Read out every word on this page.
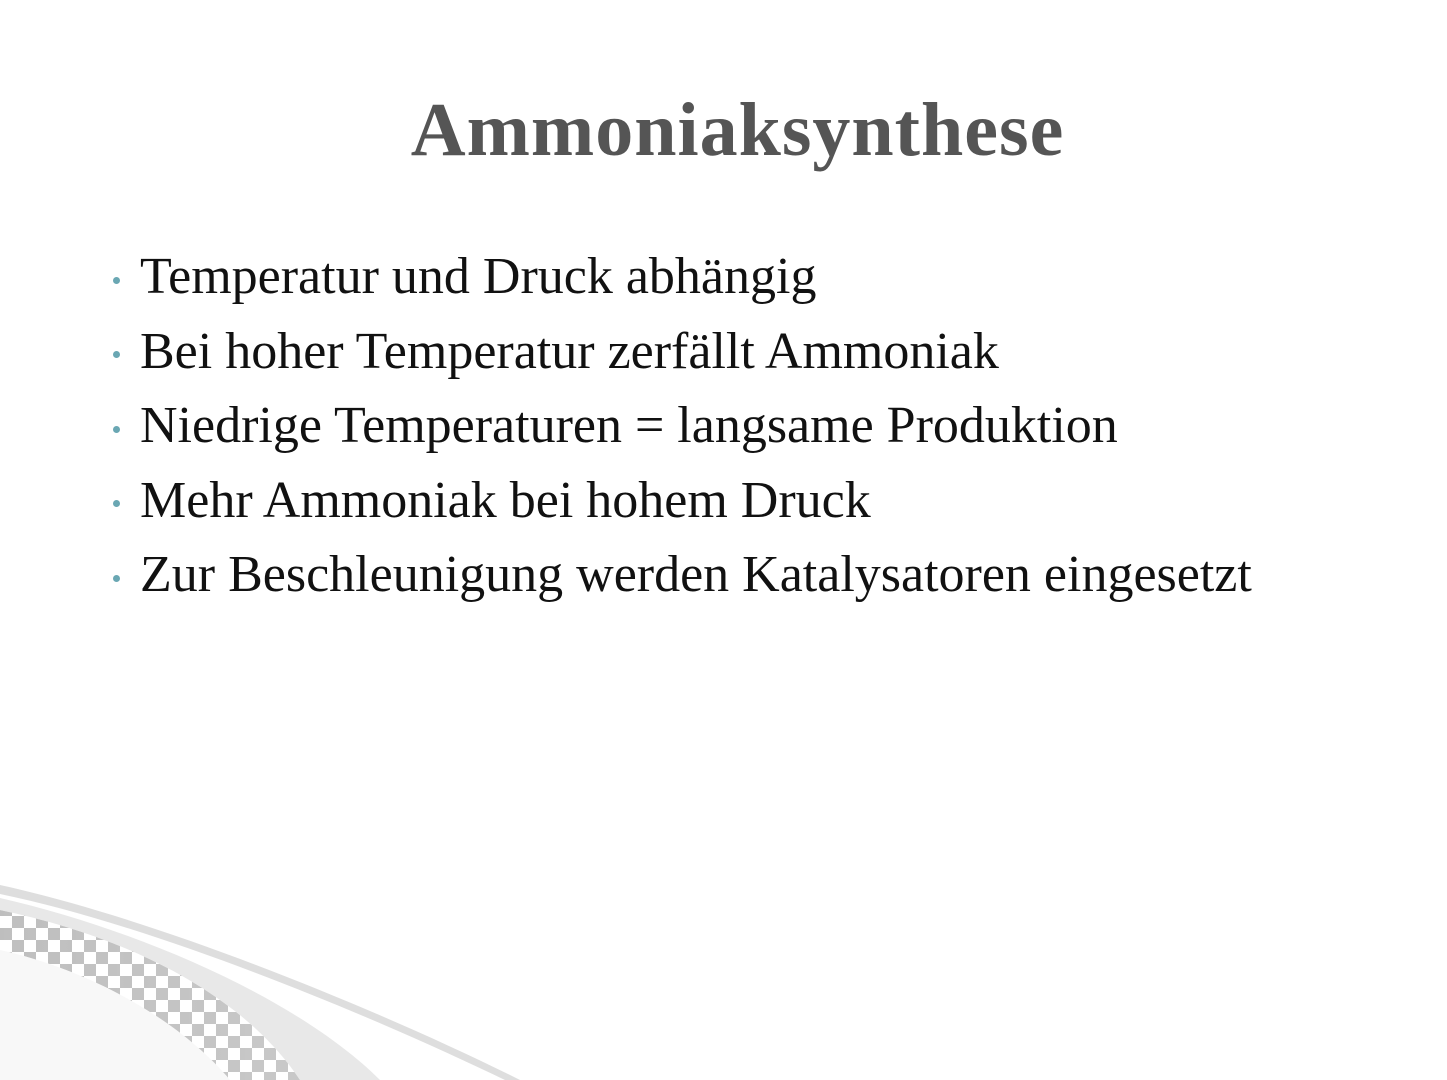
Ammoniaksynthese
Temperatur und Druck abhängig
Bei hoher Temperatur zerfällt Ammoniak
Niedrige Temperaturen = langsame Produktion
Mehr Ammoniak bei hohem Druck
Zur Beschleunigung werden Katalysatoren eingesetzt
